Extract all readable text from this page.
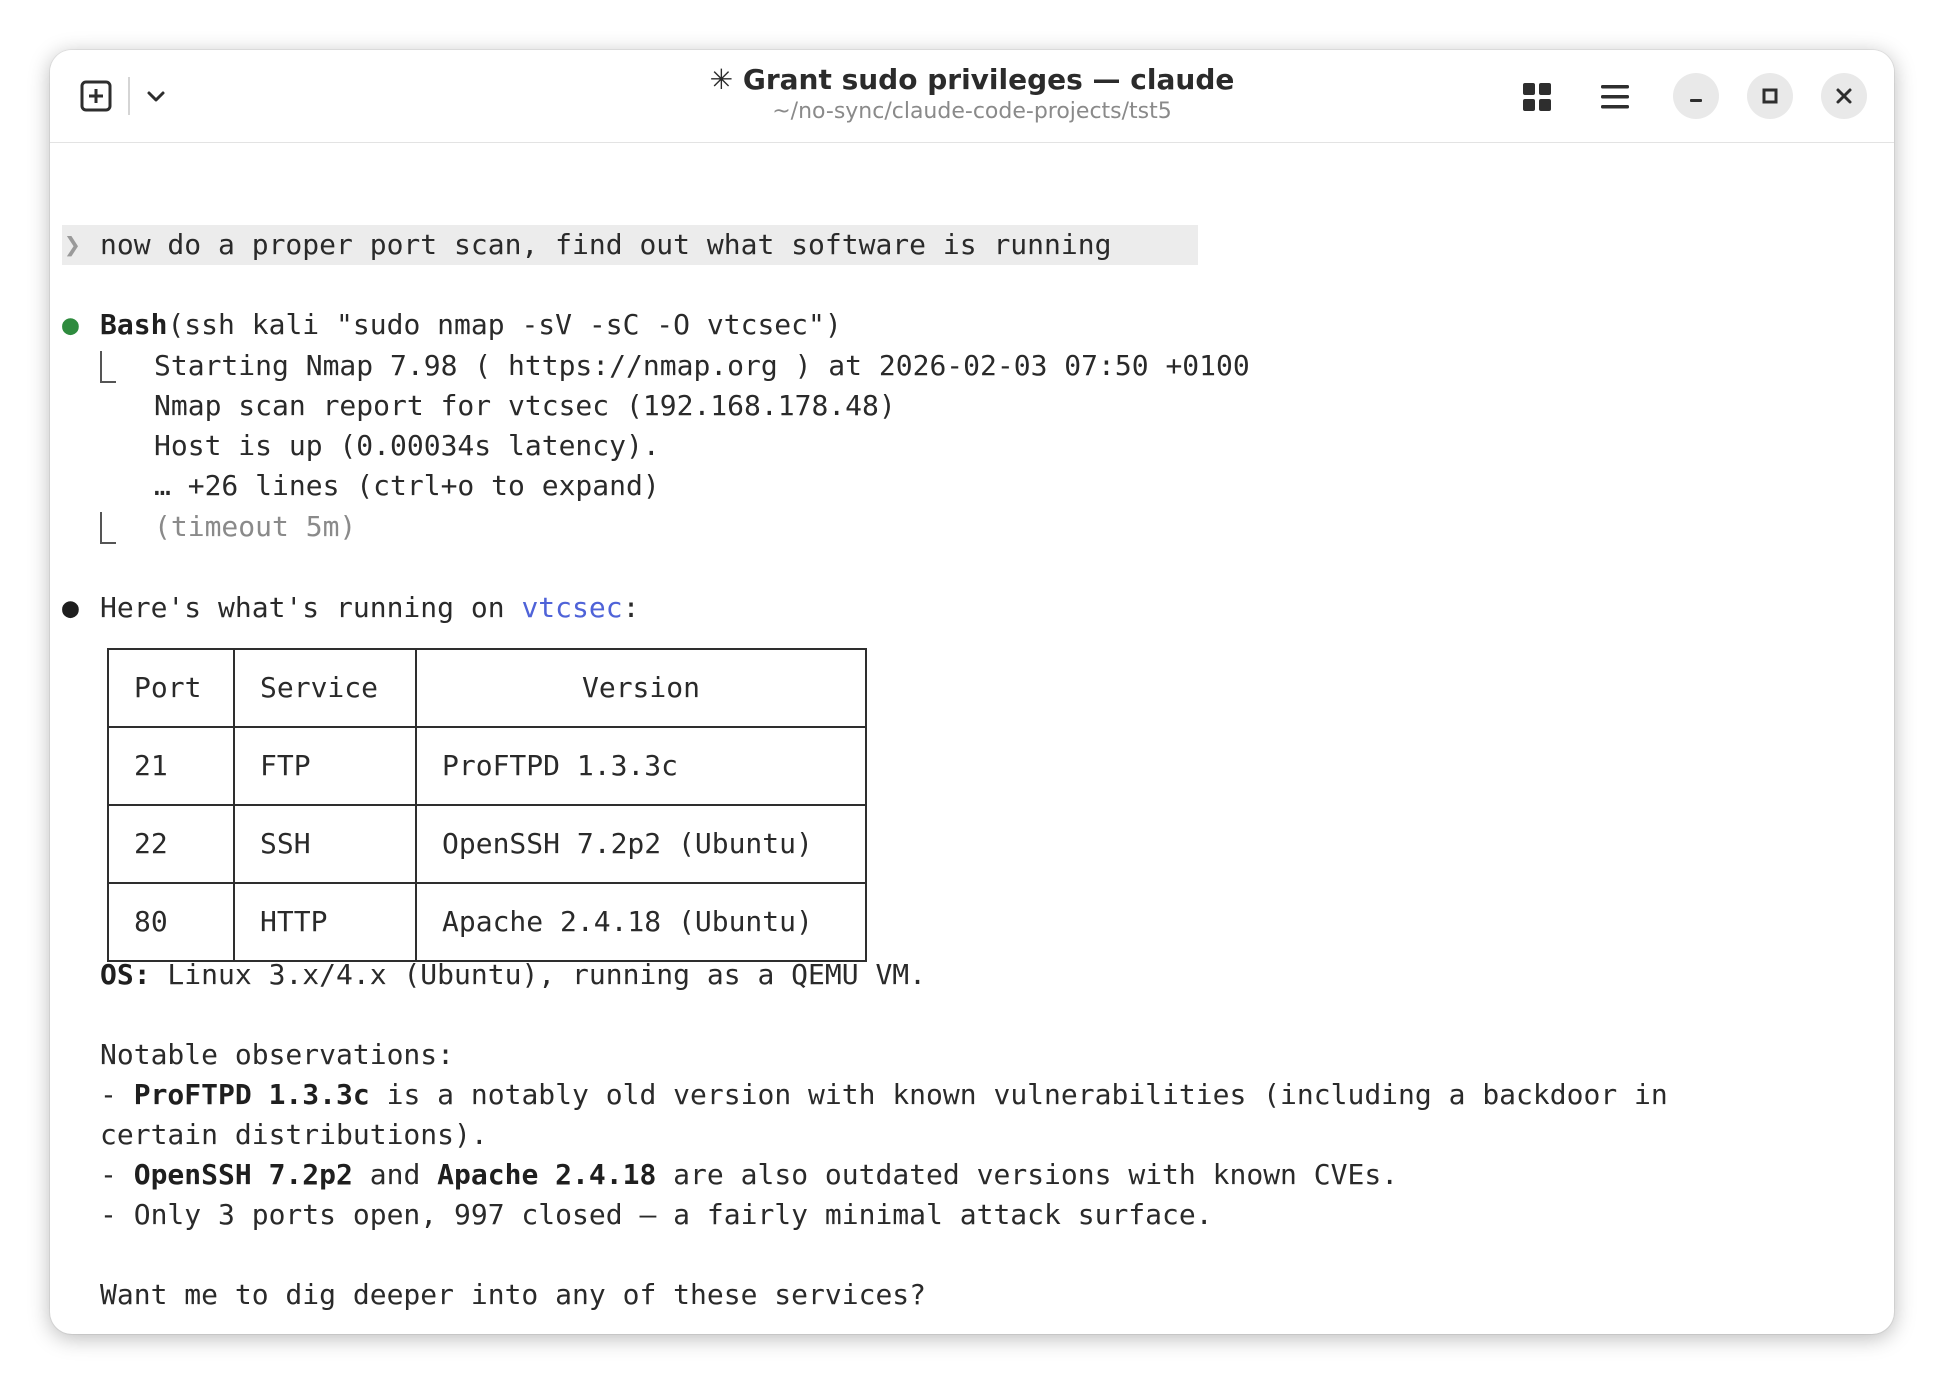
✳ Grant sudo privileges — claude
~/no-sync/claude-code-projects/tst5
❯ now do a proper port scan, find out what software is running
● Bash(ssh kali "sudo nmap -sV -sC -O vtcsec")
Starting Nmap 7.98 ( https://nmap.org ) at 2026-02-03 07:50 +0100
Nmap scan report for vtcsec (192.168.178.48)
Host is up (0.00034s latency).
… +26 lines (ctrl+o to expand)
(timeout 5m)
● Here's what's running on vtcsec:
Port	Service	Version
21	FTP	ProFTPD 1.3.3c
22	SSH	OpenSSH 7.2p2 (Ubuntu)
80	HTTP	Apache 2.4.18 (Ubuntu)
OS: Linux 3.x/4.x (Ubuntu), running as a QEMU VM.
Notable observations:
- ProFTPD 1.3.3c is a notably old version with known vulnerabilities (including a backdoor in
certain distributions).
- OpenSSH 7.2p2 and Apache 2.4.18 are also outdated versions with known CVEs.
- Only 3 ports open, 997 closed — a fairly minimal attack surface.
Want me to dig deeper into any of these services?
